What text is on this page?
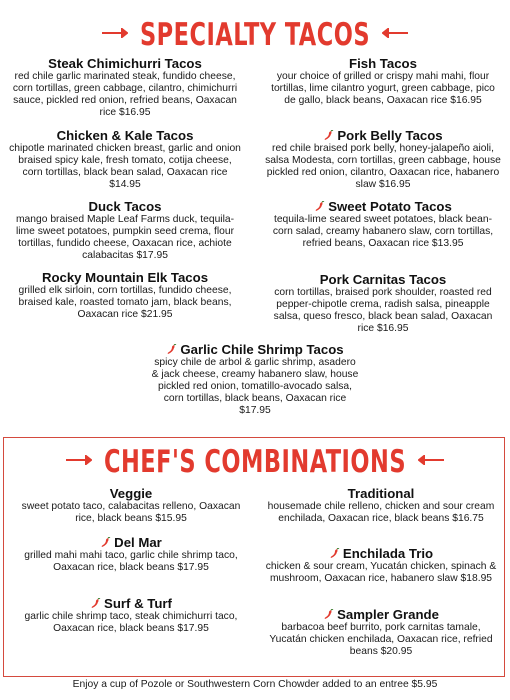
SPECIALTY TACOS
Steak Chimichurri Tacos
red chile garlic marinated steak, fundido cheese, corn tortillas, green cabbage, cilantro, chimichurri sauce, pickled red onion, refried beans, Oaxacan rice $16.95
Chicken & Kale Tacos
chipotle marinated chicken breast, garlic and onion braised spicy kale, fresh tomato, cotija cheese, corn tortillas, black bean salad, Oaxacan rice $14.95
Duck Tacos
mango braised Maple Leaf Farms duck, tequila-lime sweet potatoes, pumpkin seed crema, flour tortillas, fundido cheese, Oaxacan rice, achiote calabacitas $17.95
Rocky Mountain Elk Tacos
grilled elk sirloin, corn tortillas, fundido cheese, braised kale, roasted tomato jam, black beans, Oaxacan rice $21.95
Fish Tacos
your choice of grilled or crispy mahi mahi, flour tortillas, lime cilantro yogurt, green cabbage, pico de gallo, black beans, Oaxacan rice $16.95
Pork Belly Tacos
red chile braised pork belly, honey-jalapeño aioli, salsa Modesta, corn tortillas, green cabbage, house pickled red onion, cilantro, Oaxacan rice, habanero slaw $16.95
Sweet Potato Tacos
tequila-lime seared sweet potatoes, black bean-corn salad, creamy habanero slaw, corn tortillas, refried beans, Oaxacan rice $13.95
Pork Carnitas Tacos
corn tortillas, braised pork shoulder, roasted red pepper-chipotle crema, radish salsa, pineapple salsa, queso fresco, black bean salad, Oaxacan rice $16.95
Garlic Chile Shrimp Tacos
spicy chile de arbol & garlic shrimp, asadero & jack cheese, creamy habanero slaw, house pickled red onion, tomatillo-avocado salsa, corn tortillas, black beans, Oaxacan rice $17.95
CHEF'S COMBINATIONS
Veggie
sweet potato taco, calabacitas relleno, Oaxacan rice, black beans $15.95
Del Mar
grilled mahi mahi taco, garlic chile shrimp taco, Oaxacan rice, black beans $17.95
Surf & Turf
garlic chile shrimp taco, steak chimichurri taco, Oaxacan rice, black beans $17.95
Traditional
housemade chile relleno, chicken and sour cream enchilada, Oaxacan rice, black beans $16.75
Enchilada Trio
chicken & sour cream, Yucatán chicken, spinach & mushroom, Oaxacan rice, habanero slaw $18.95
Sampler Grande
barbacoa beef burrito, pork carnitas tamale, Yucatán chicken enchilada, Oaxacan rice, refried beans $20.95
Enjoy a cup of Pozole or Southwestern Corn Chowder added to an entree $5.95
